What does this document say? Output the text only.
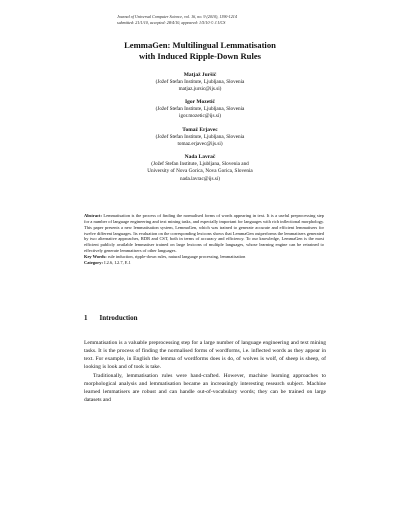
Journal of Universal Computer Science, vol. 16, no. 9 (2010), 1190-1214
submitted: 21/1/10, accepted: 28/4/10, appeared: 1/5/10 © J.UCS
LemmaGen: Multilingual Lemmatisation
with Induced Ripple-Down Rules
Matjaž Juršič
(Jožef Stefan Institute, Ljubljana, Slovenia
matjaz.jursic@ijs.si)
Igor Mozetič
(Jožef Stefan Institute, Ljubljana, Slovenia
igor.mozetic@ijs.si)
Tomaž Erjavec
(Jožef Stefan Institute, Ljubljana, Slovenia
tomaz.erjavec@ijs.si)
Nada Lavrač
(Jožef Stefan Institute, Ljubljana, Slovenia and
University of Nova Gorica, Nova Gorica, Slovenia
nada.lavrac@ijs.si)

Abstract: Lemmatisation is the process of finding the normalised forms of words appearing in text. It is a useful preprocessing step for a number of language engineering and text mining tasks, and especially important for languages with rich inflectional morphology. This paper presents a new lemmatisation system, LemmaGen, which was trained to generate accurate and efficient lemmatisers for twelve different languages. Its evaluation on the corresponding lexicons shows that LemmaGen outperforms the lemmatisers generated by two alternative approaches, RDR and CST, both in terms of accuracy and efficiency. To our knowledge, LemmaGen is the most efficient publicly available lemmatiser trained on large lexicons of multiple languages, whose learning engine can be retrained to effectively generate lemmatisers of other languages.

Key Words: rule induction, ripple-down rules, natural language processing, lemmatisation

Category: I.2.6, I.2.7, E.1

1 Introduction

Lemmatisation is a valuable preprocessing step for a large number of language engineering and text mining tasks. It is the process of finding the normalised forms of wordforms, i.e. inflected words as they appear in text. For example, in English the lemma of wordforms does is do, of wolves is wolf, of sheep is sheep, of looking is look and of took is take.

Traditionally, lemmatisation rules were hand-crafted. However, machine learning approaches to morphological analysis and lemmatisation became an increasingly interesting research subject. Machine learned lemmatisers are robust and can handle out-of-vocabulary words; they can be trained on large datasets and
